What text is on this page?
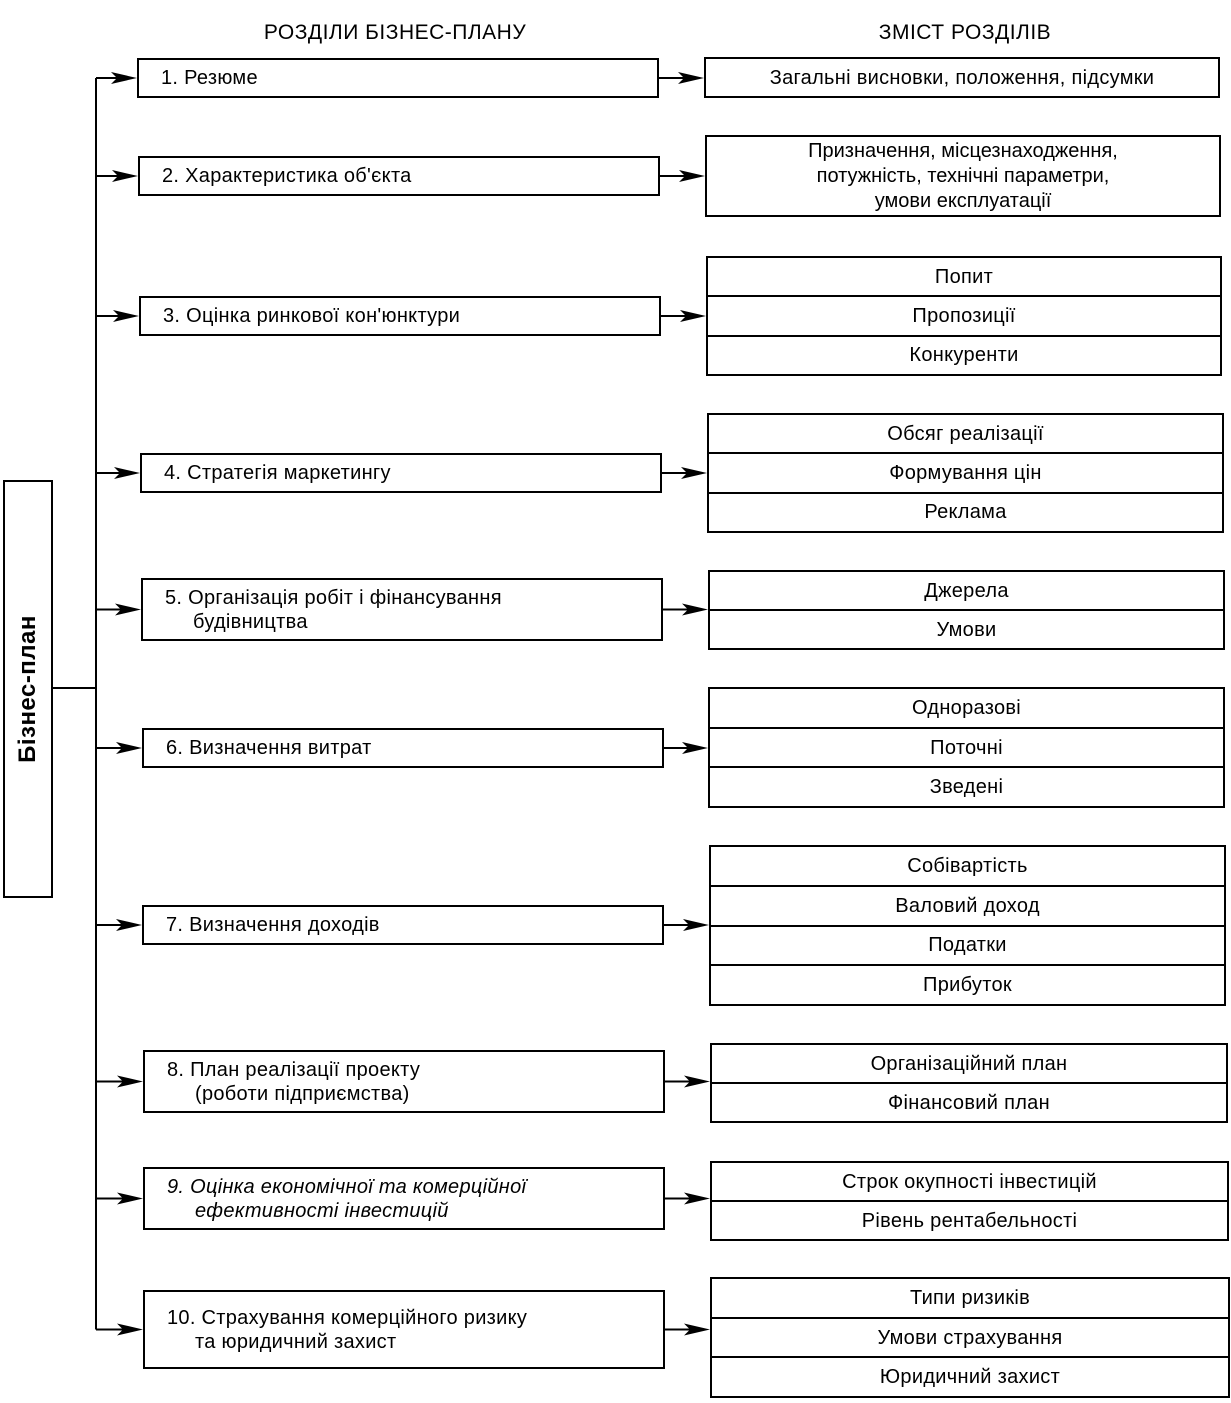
РОЗДІЛИ БІЗНЕС-ПЛАНУ	ЗМІСТ РОЗДІЛІВ
Бізнес-план
1. Резюме	Загальні висновки, положення, підсумки
2. Характеристика об'єкта
Призначення, місцезнаходження,
потужність, технічні параметри,
умови експлуатації
3. Оцінка ринкової кон'юнктури
Попит
Пропозиції
Конкуренти
4. Стратегія маркетингу
Обсяг реалізації
Формування цін
Реклама
5. Організація робіт і фінансування
будівництва
Джерела
Умови
6. Визначення витрат
Одноразові
Поточні
Зведені
7. Визначення доходів
Собівартість
Валовий доход
Податки
Прибуток
8. План реалізації проекту
(роботи підприємства)
Організаційний план
Фінансовий план
9. Оцінка економічної та комерційної
ефективності інвестицій
Строк окупності інвестицій
Рівень рентабельності
10. Страхування комерційного ризику
та юридичний захист
Типи ризиків
Умови страхування
Юридичний захист
